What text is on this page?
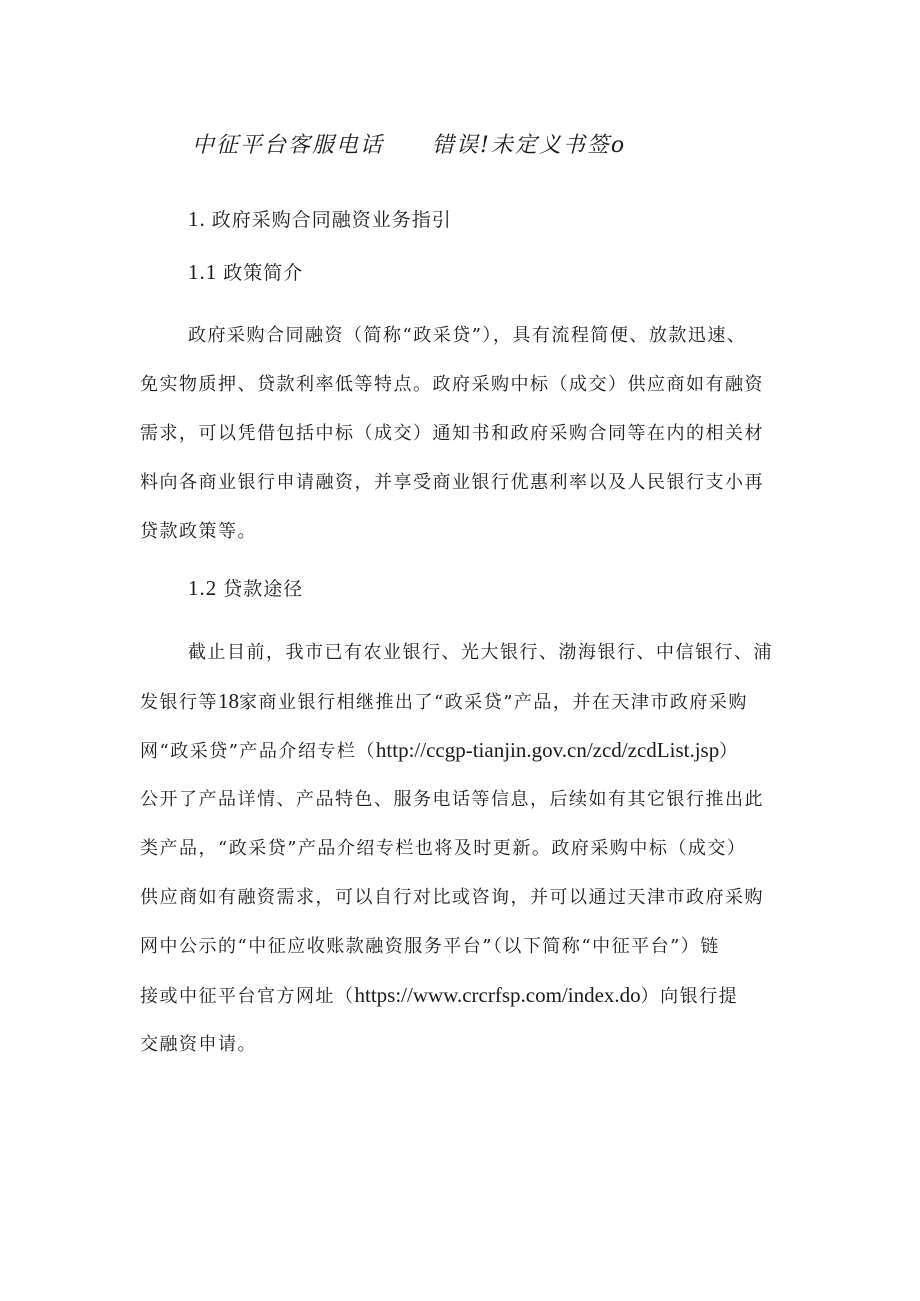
中征平台客服电话 错误!未定义书签o
1. 政府采购合同融资业务指引
1.1 政策简介
政府采购合同融资（简称“政采贷”），具有流程简便、放款迅速、
免实物质押、贷款利率低等特点。政府采购中标（成交）供应商如有融资
需求，可以凭借包括中标（成交）通知书和政府采购合同等在内的相关材
料向各商业银行申请融资，并享受商业银行优惠利率以及人民银行支小再
贷款政策等。
1.2 贷款途径
截止目前，我市已有农业银行、光大银行、渤海银行、中信银行、浦
发银行等18家商业银行相继推出了“政采贷”产品，并在天津市政府采购
网“政采贷”产品介绍专栏（http://ccgp-tianjin.gov.cn/zcd/zcdList.jsp）
公开了产品详情、产品特色、服务电话等信息，后续如有其它银行推出此
类产品，“政采贷”产品介绍专栏也将及时更新。政府采购中标（成交）
供应商如有融资需求，可以自行对比或咨询，并可以通过天津市政府采购
网中公示的“中征应收账款融资服务平台”（以下简称“中征平台”）链
接或中征平台官方网址（https://www.crcrfsp.com/index.do）向银行提
交融资申请。
